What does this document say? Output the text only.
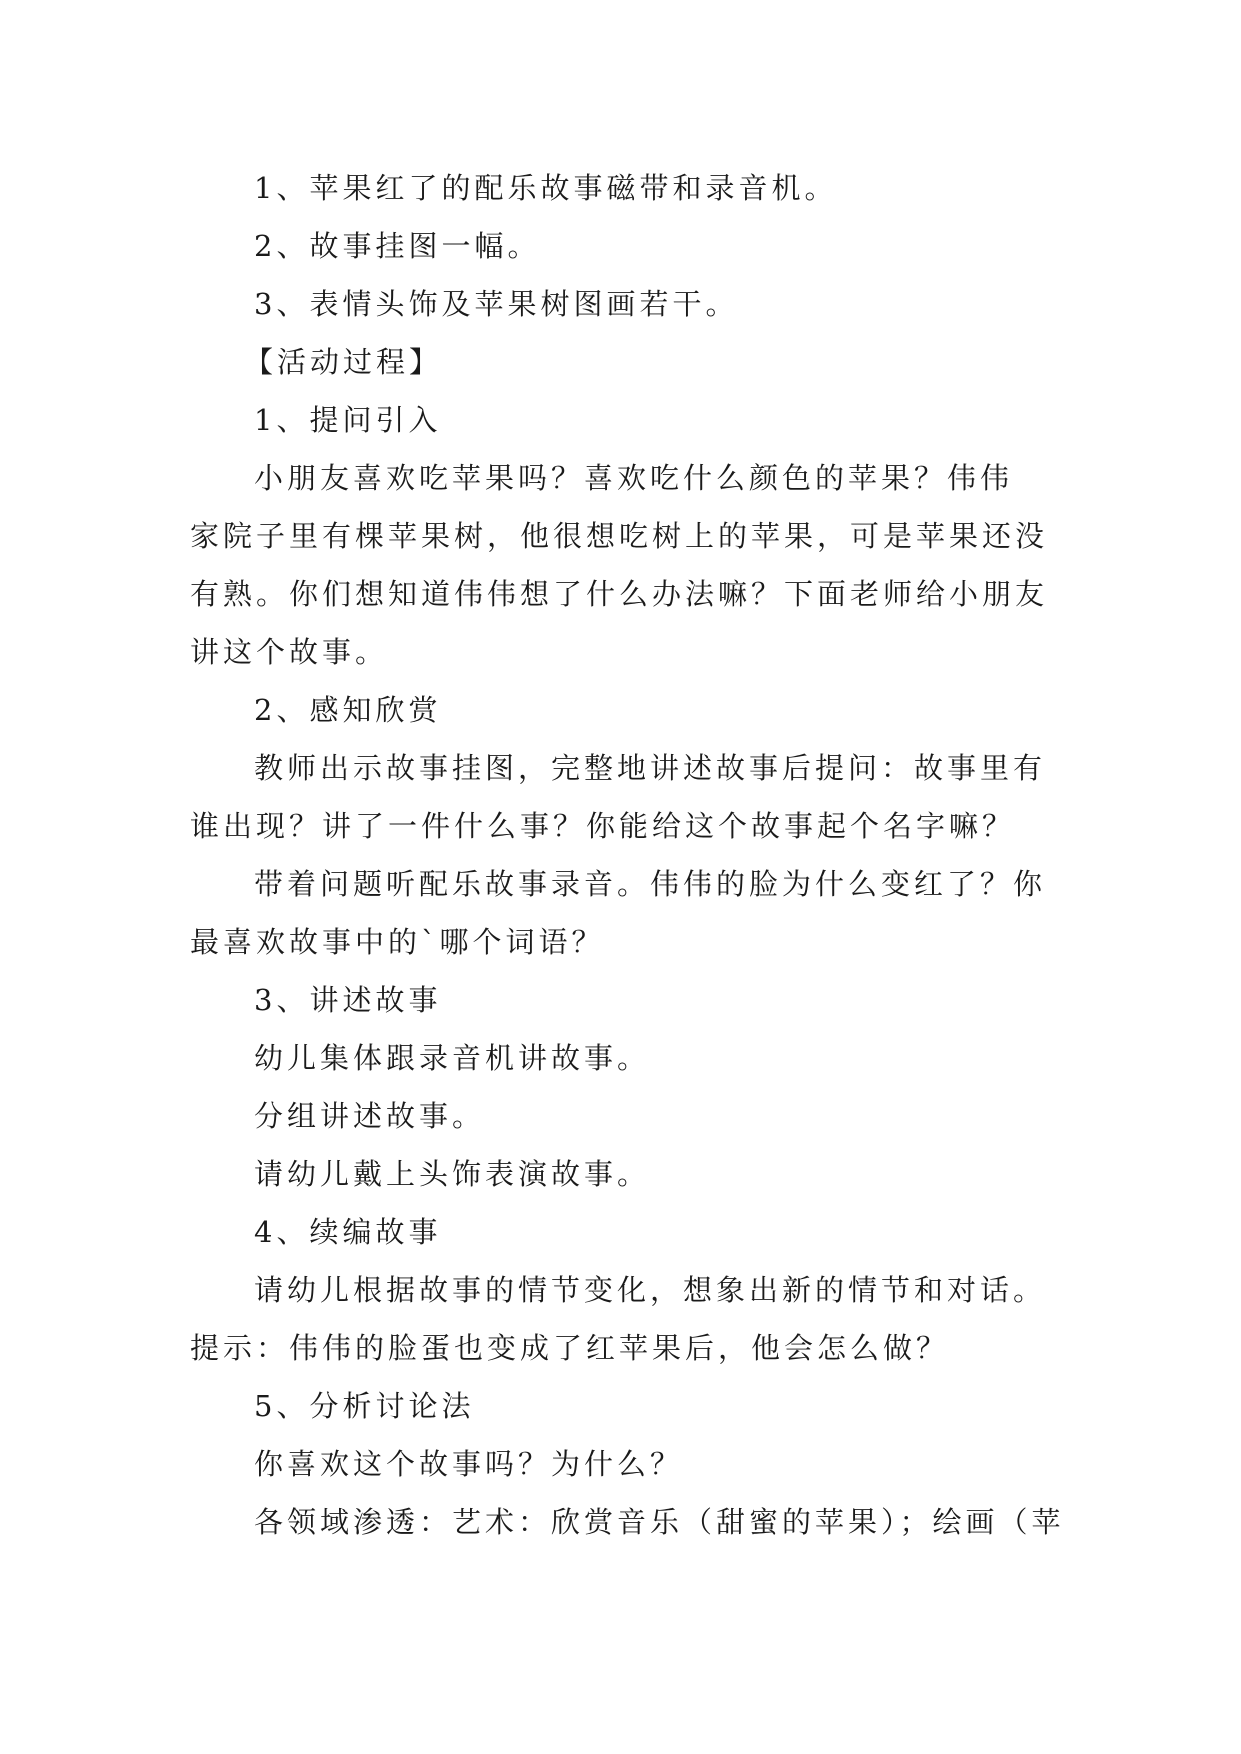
1、苹果红了的配乐故事磁带和录音机。
2、故事挂图一幅。
3、表情头饰及苹果树图画若干。
【活动过程】
1、提问引入
小朋友喜欢吃苹果吗？喜欢吃什么颜色的苹果？伟伟
家院子里有棵苹果树，他很想吃树上的苹果，可是苹果还没
有熟。你们想知道伟伟想了什么办法嘛？下面老师给小朋友
讲这个故事。
2、感知欣赏
教师出示故事挂图，完整地讲述故事后提问：故事里有
谁出现？讲了一件什么事？你能给这个故事起个名字嘛？
带着问题听配乐故事录音。伟伟的脸为什么变红了？你
最喜欢故事中的`哪个词语？
3、讲述故事
幼儿集体跟录音机讲故事。
分组讲述故事。
请幼儿戴上头饰表演故事。
4、续编故事
请幼儿根据故事的情节变化，想象出新的情节和对话。
提示：伟伟的脸蛋也变成了红苹果后，他会怎么做？
5、分析讨论法
你喜欢这个故事吗？为什么？
各领域渗透：艺术：欣赏音乐（甜蜜的苹果）；绘画（苹
